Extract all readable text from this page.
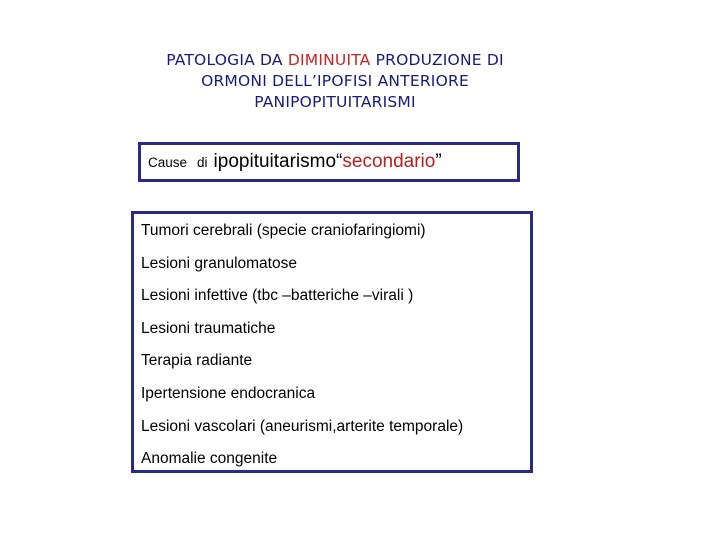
PATOLOGIA DA DIMINUITA PRODUZIONE DI
ORMONI DELL’IPOFISI ANTERIORE
PANIPOPITUITARISMI
Cause di ipopituitarismo “ secondario ”
Tumori cerebrali (specie craniofaringiomi)
Lesioni granulomatose
Lesioni infettive (tbc –batteriche –virali )
Lesioni traumatiche
Terapia radiante
Ipertensione endocranica
Lesioni vascolari (aneurismi,arterite temporale)
Anomalie congenite
